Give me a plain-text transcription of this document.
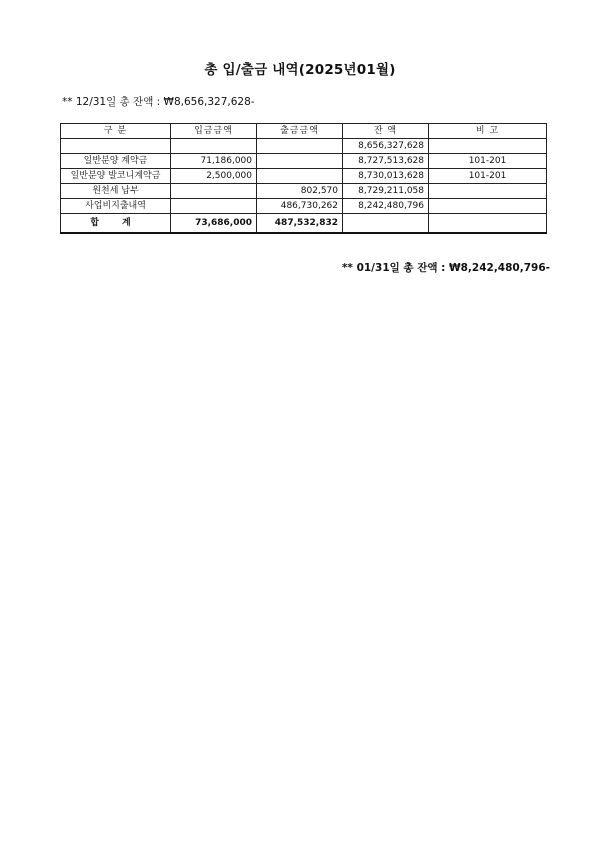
총 입/출금 내역(2025년01월)
** 12/31일 총 잔액 : ₩8,656,327,628-
구 분	입금금액	출금금액	잔 액	비 고
			8,656,327,628	
일반분양 계약금	71,186,000		8,727,513,628	101-201
일반분양 발코니계약금	2,500,000		8,730,013,628	101-201
원천세 납부		802,570	8,729,211,058	
사업비지출내역		486,730,262	8,242,480,796	
합 계	73,686,000	487,532,832		
** 01/31일 총 잔액 : ₩8,242,480,796-
